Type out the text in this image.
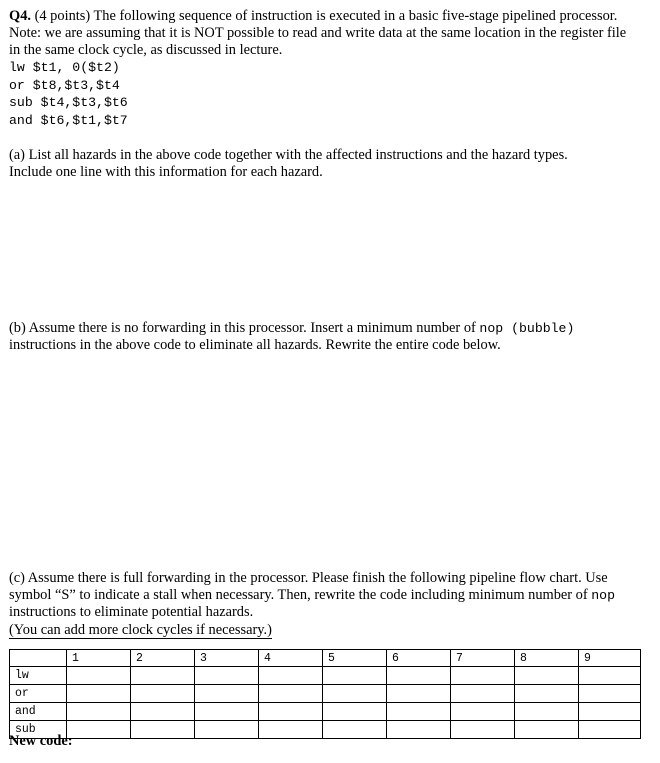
Q4. (4 points) The following sequence of instruction is executed in a basic five-stage pipelined processor. Note: we are assuming that it is NOT possible to read and write data at the same location in the register file in the same clock cycle, as discussed in lecture.

lw $t1, 0($t2)
or $t8,$t3,$t4
sub $t4,$t3,$t6
and $t6,$t1,$t7

(a) List all hazards in the above code together with the affected instructions and the hazard types. Include one line with this information for each hazard.

(b) Assume there is no forwarding in this processor. Insert a minimum number of nop (bubble) instructions in the above code to eliminate all hazards. Rewrite the entire code below.

(c) Assume there is full forwarding in the processor. Please finish the following pipeline flow chart. Use symbol “S” to indicate a stall when necessary. Then, rewrite the code including minimum number of nop instructions to eliminate potential hazards.

(You can add more clock cycles if necessary.)

	1	2	3	4	5	6	7	8	9
lw									
or									
and									
sub									
New code:
